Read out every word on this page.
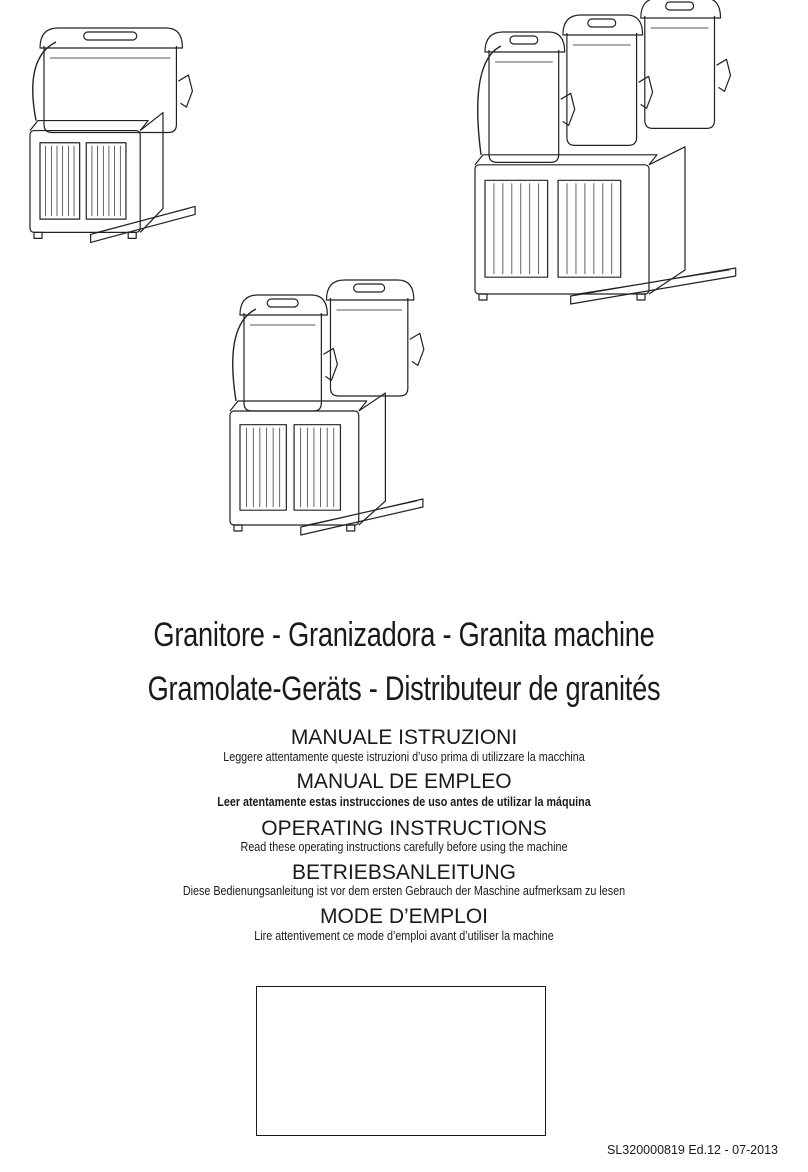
Granitore - Granizadora - Granita machine
Gramolate-Geräts - Distributeur de granités
MANUALE ISTRUZIONI
Leggere attentamente queste istruzioni d’uso prima di utilizzare la macchina
MANUAL DE EMPLEO
Leer atentamente estas instrucciones de uso antes de utilizar la máquina
OPERATING INSTRUCTIONS
Read these operating instructions carefully before using the machine
BETRIEBSANLEITUNG
Diese Bedienungsanleitung ist vor dem ersten Gebrauch der Maschine aufmerksam zu lesen
MODE D’EMPLOI
Lire attentivement ce mode d’emploi avant d’utiliser la machine
SL320000819 Ed.12 - 07-2013
